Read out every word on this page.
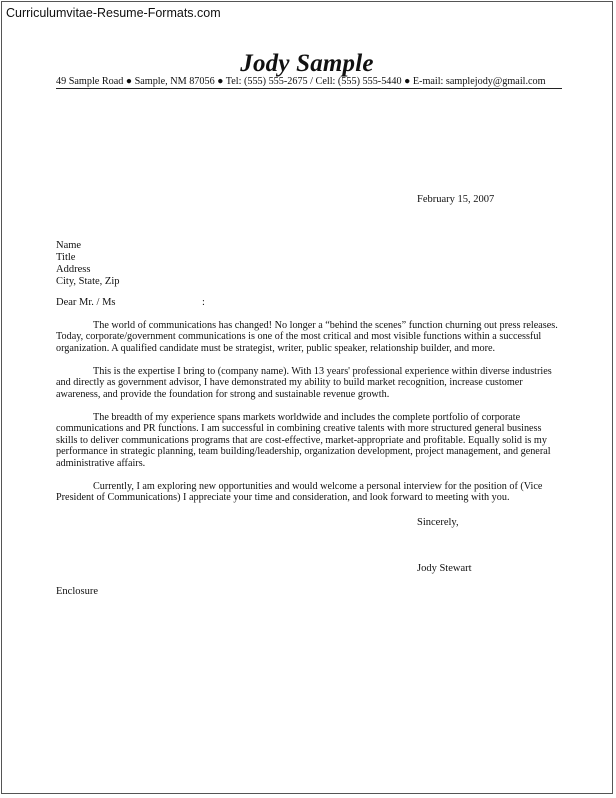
Curriculumvitae-Resume-Formats.com
Jody Sample
49 Sample Road ● Sample, NM 87056 ● Tel: (555) 555-2675 / Cell: (555) 555-5440 ● E-mail: samplejody@gmail.com
February 15, 2007
Name
Title
Address
City, State, Zip
Dear Mr. / Ms	:
The world of communications has changed! No longer a “behind the scenes” function churning out press releases. Today, corporate/government communications is one of the most critical and most visible functions within a successful organization. A qualified candidate must be strategist, writer, public speaker, relationship builder, and more.
This is the expertise I bring to (company name). With 13 years' professional experience within diverse industries and directly as government advisor, I have demonstrated my ability to build market recognition, increase customer awareness, and provide the foundation for strong and sustainable revenue growth.
The breadth of my experience spans markets worldwide and includes the complete portfolio of corporate communications and PR functions. I am successful in combining creative talents with more structured general business skills to deliver communications programs that are cost-effective, market-appropriate and profitable. Equally solid is my performance in strategic planning, team building/leadership, organization development, project management, and general administrative affairs.
Currently, I am exploring new opportunities and would welcome a personal interview for the position of (Vice President of Communications) I appreciate your time and consideration, and look forward to meeting with you.
Sincerely,
Jody Stewart
Enclosure
